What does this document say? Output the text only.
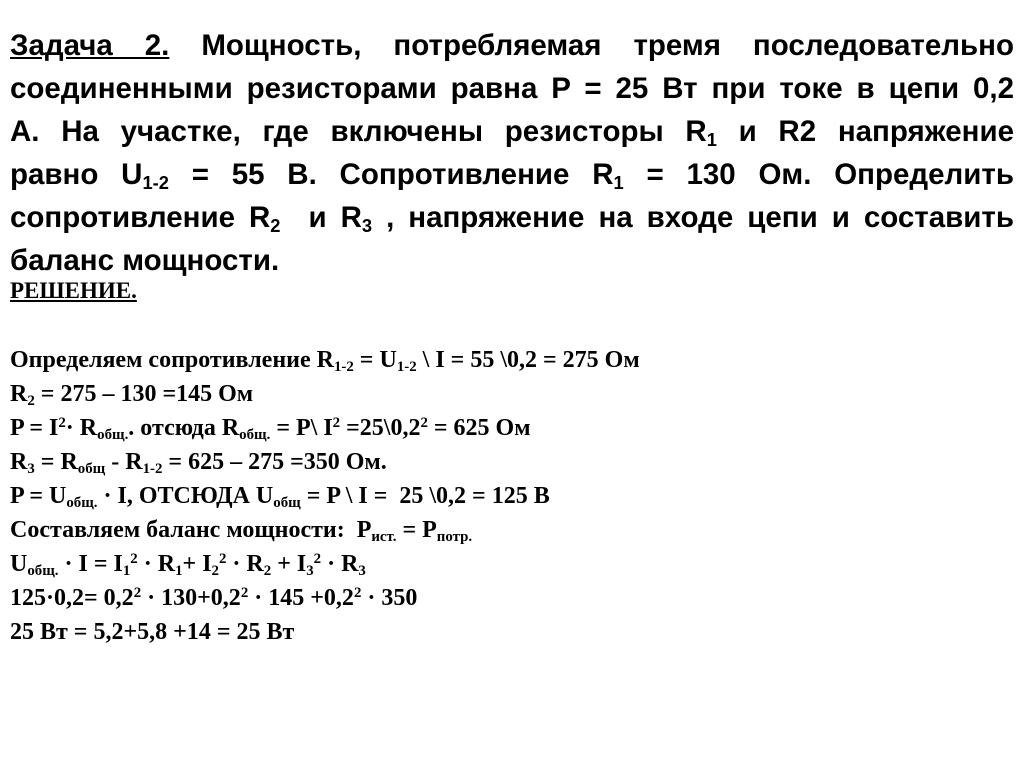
Задача 2. Мощность, потребляемая тремя последовательно
соединенными резисторами равна P = 25 Вт при токе в цепи 0,2
А. На участке, где включены резисторы $R_1$ и R2 напряжение
равно $U_{1-2} = 55$ В. Сопротивление $R_1 = 130$ Ом. Определить
сопротивление $R_2$  и $R_3$ , напряжение на входе цепи и составить
баланс мощности.
РЕШЕНИЕ.
Определяем сопротивление $R_{1-2} = U_{1-2}$ \ I = 55 \0,2 = 275 Ом
$R_2 = 275 - 130 =145$ Ом
$P = I^2\cdot R_{общ.}$. отсюда $R_{общ.}$ = P\ $I^2$ $=25\backslash 0,2^2 = 625$ Ом
$R_3 = R_{общ} - R_{1-2} = 625 - 275 =350$ Ом.
$P = U_{общ.} \cdot I$, ОТСЮДА $U_{общ} = P$ \ I =  25 \0,2 = 125 В
Составляем баланс мощности:  $P_{ист.} = P_{потр.}$
$U_{общ.} \cdot I = I_1^2 \cdot R_1+ I_2^2 \cdot R_2 + I_3^2 \cdot R_3$
$125\cdot 0,2= 0,2^2 \cdot 130+0,2^2 \cdot 145 +0,2^2 \cdot 350$
25 Вт = 5,2+5,8 +14 = 25 Вт
